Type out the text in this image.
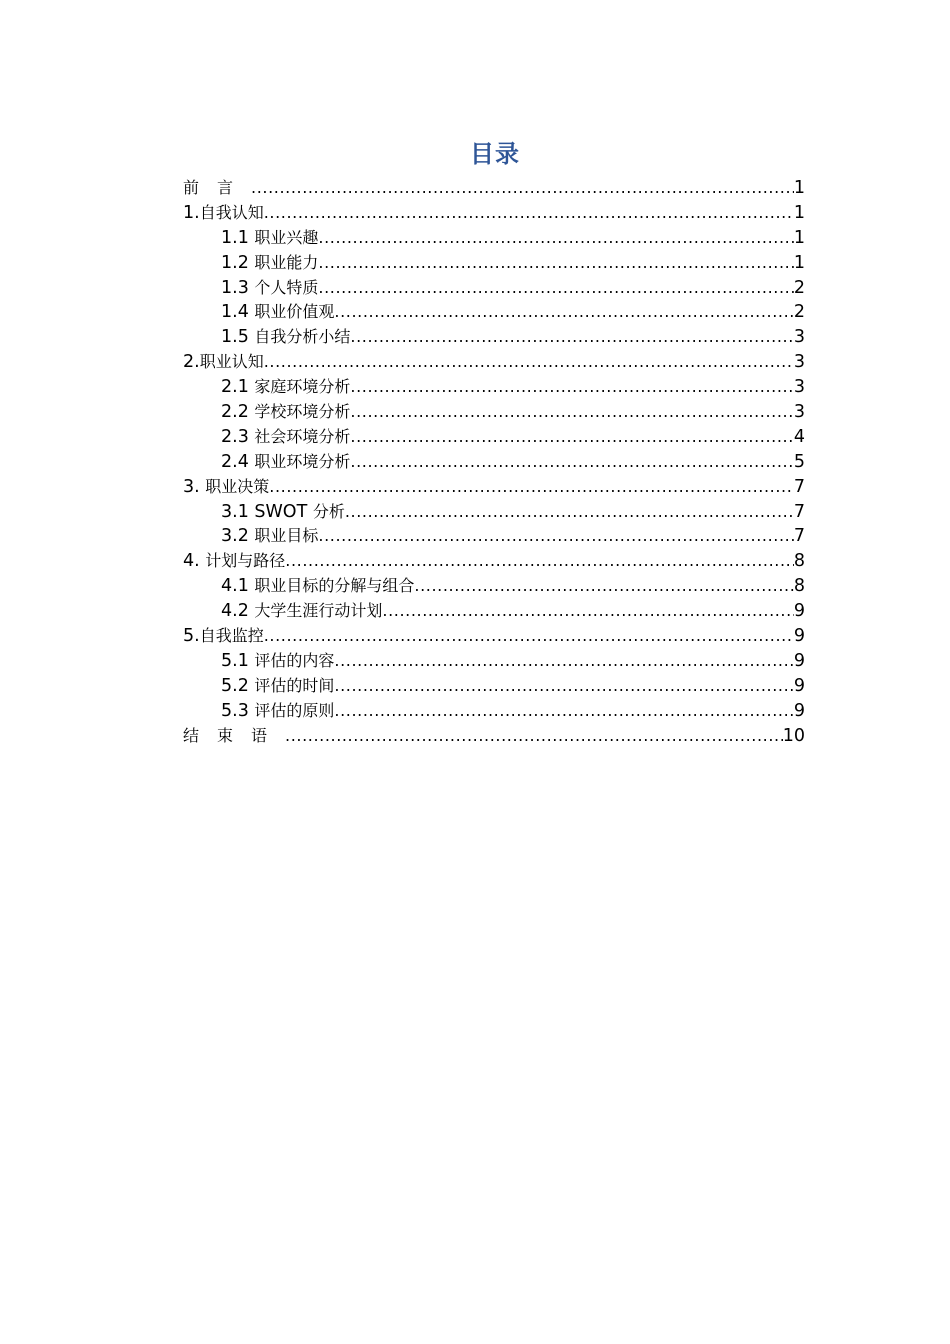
目录
前言 .....	1
1.自我认知 .....	1
1.1 职业兴趣 .....	1
1.2 职业能力 .....	1
1.3 个人特质 .....	2
1.4 职业价值观 .....	2
1.5 自我分析小结 .....	3
2.职业认知 .....	3
2.1 家庭环境分析 .....	3
2.2 学校环境分析 .....	3
2.3 社会环境分析 .....	4
2.4 职业环境分析 .....	5
3. 职业决策 .....	7
3.1 SWOT 分析 .....	7
3.2 职业目标 .....	7
4. 计划与路径 .....	8
4.1 职业目标的分解与组合 .....	8
4.2 大学生涯行动计划 .....	9
5.自我监控 .....	9
5.1 评估的内容 .....	9
5.2 评估的时间 .....	9
5.3 评估的原则 .....	9
结束语 .....	10
